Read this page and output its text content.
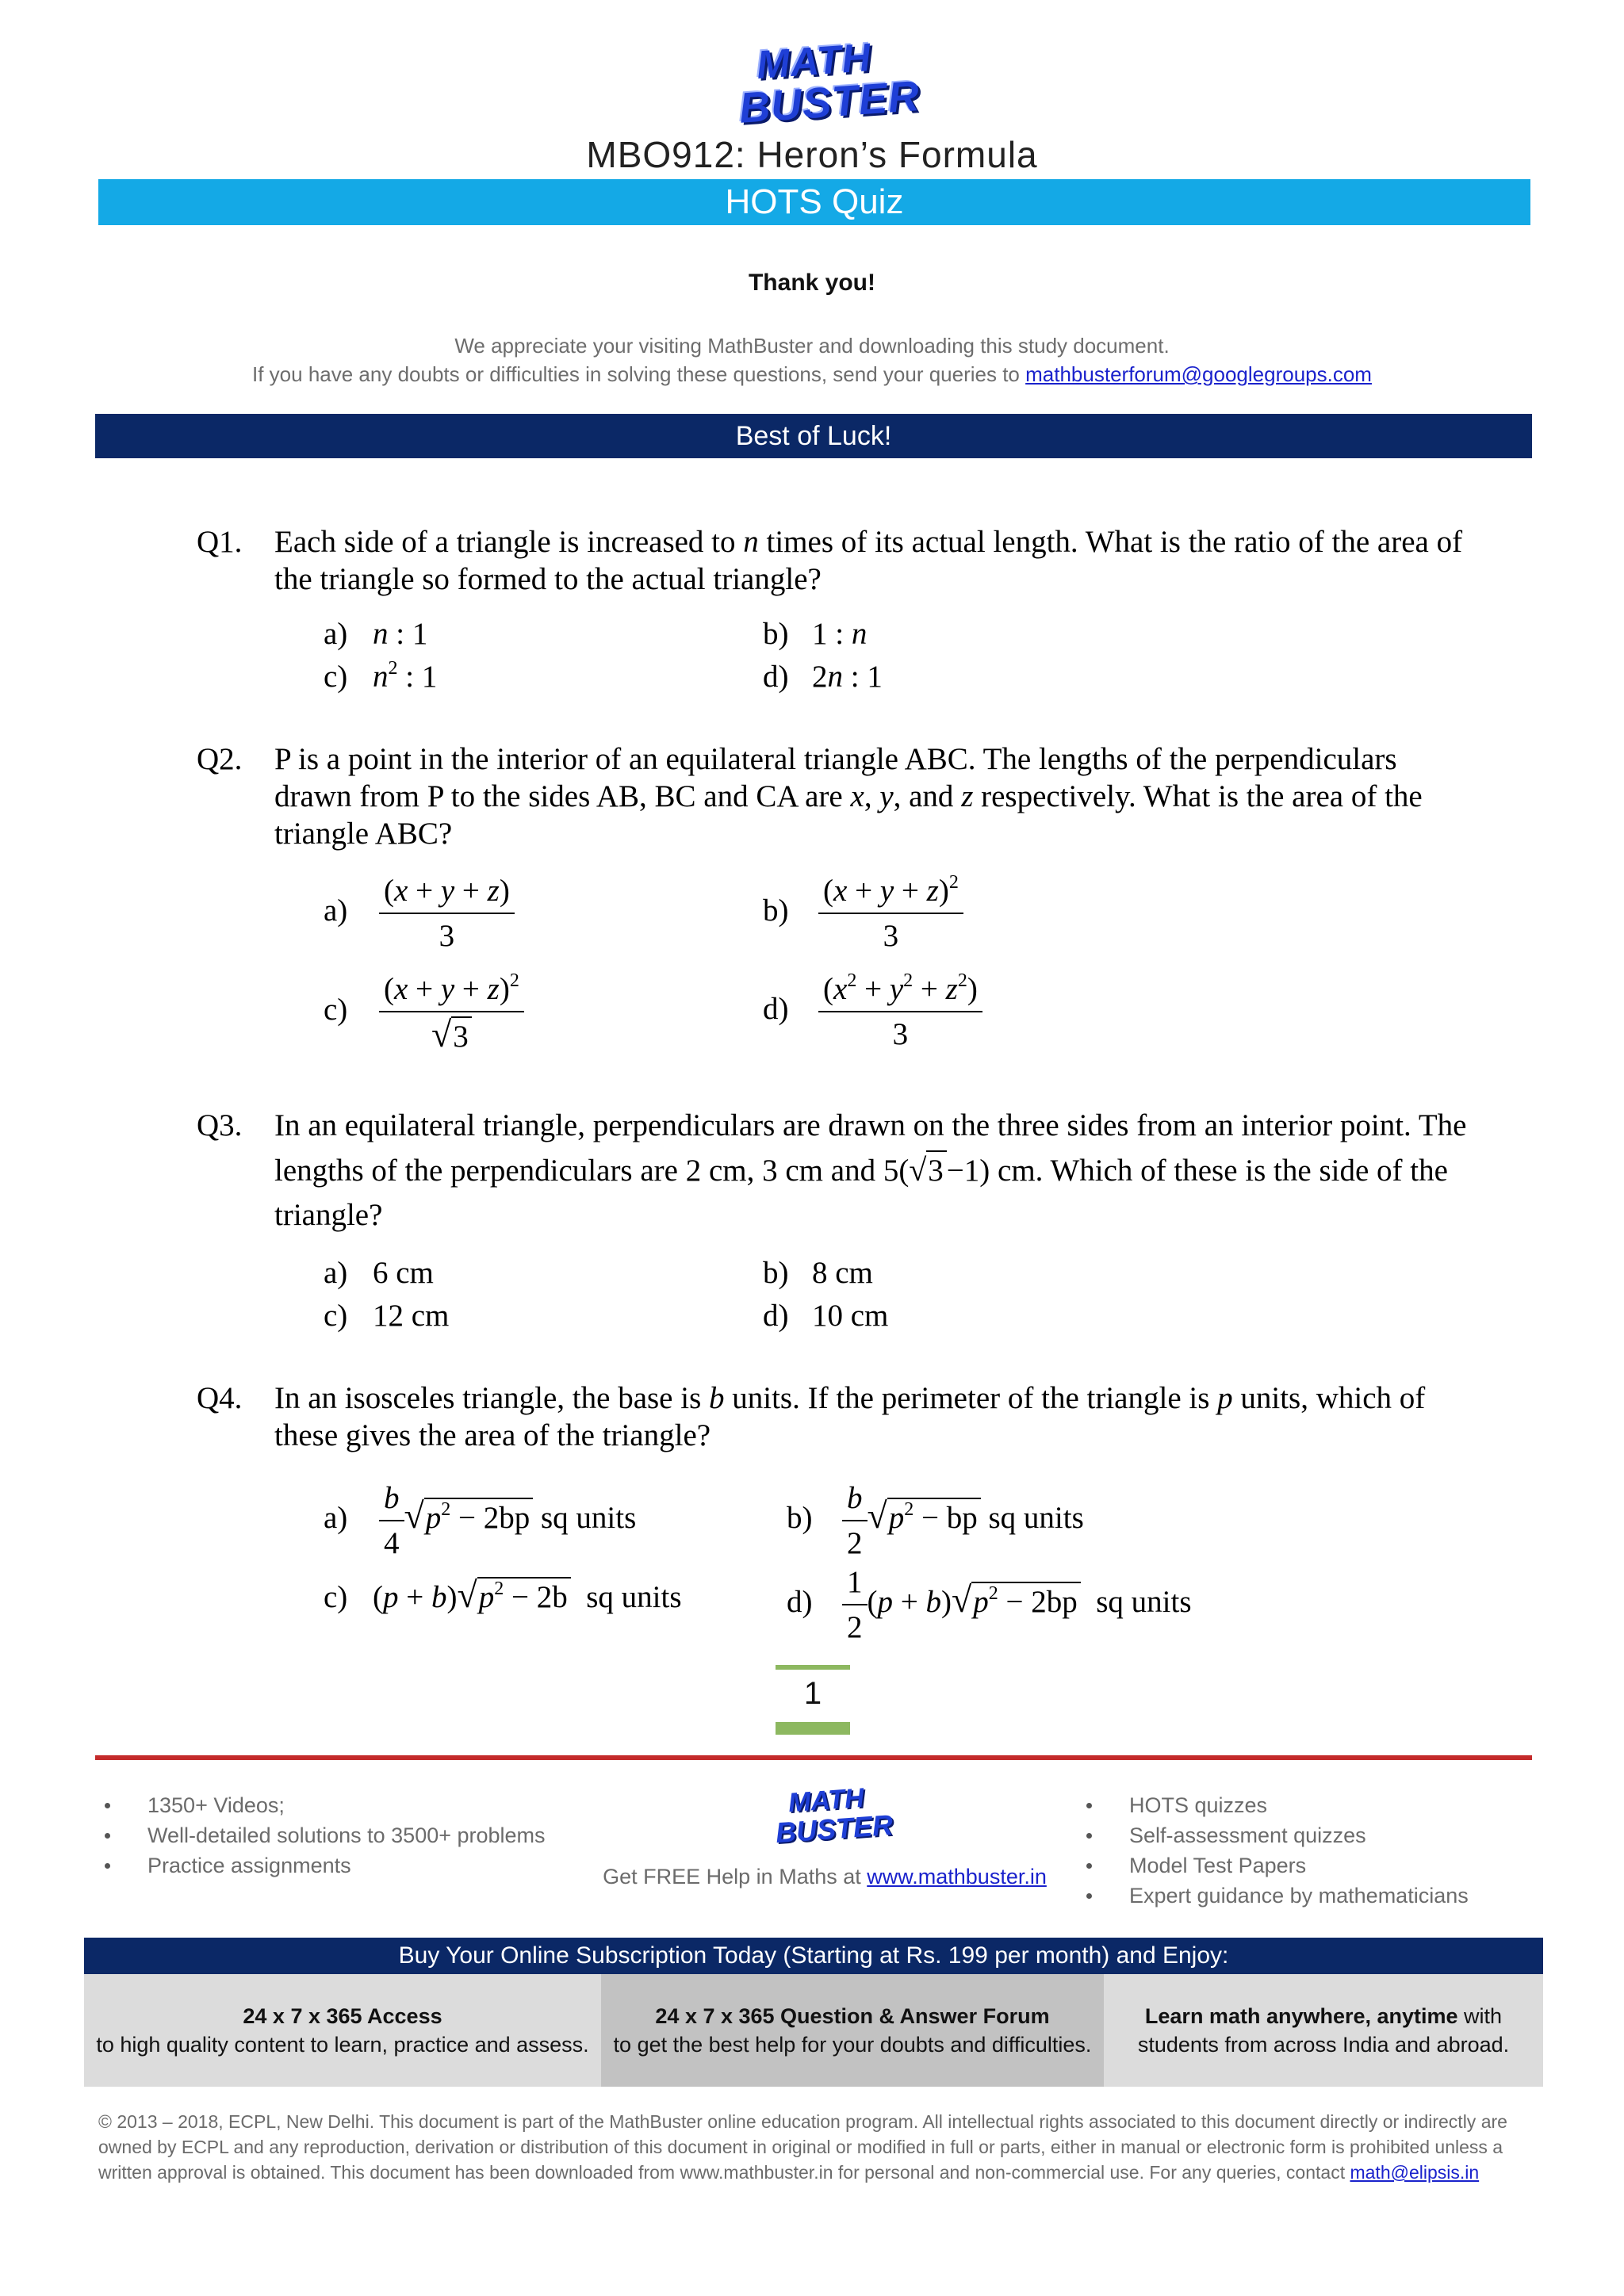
MATH
BUSTER
MBO912: Heron’s Formula
HOTS Quiz
Thank you!
We appreciate your visiting MathBuster and downloading this study document.
If you have any doubts or difficulties in solving these questions, send your queries to mathbusterforum@googlegroups.com
Best of Luck!
Q1. Each side of a triangle is increased to n times of its actual length. What is the ratio of the area of the triangle so formed to the actual triangle?
a) n : 1	b) 1 : n
c) $n^2$ : 1	d) 2n : 1
Q2. P is a point in the interior of an equilateral triangle ABC. The lengths of the perpendiculars drawn from P to the sides AB, BC and CA are x, y, and z respectively. What is the area of the triangle ABC?
$a) \frac{(x + y + z)}{3}$	$b) \frac{(x + y + z)^2}{3}$
$c) \frac{(x + y + z)^2}{√3}$	$d) \frac{(x^2 + y^2 + z^2)}{3}$
Q3. In an equilateral triangle, perpendiculars are drawn on the three sides from an interior point. The lengths of the perpendiculars are 2 cm, 3 cm and 5(√3 −1) cm. Which of these is the side of the triangle?
a) 6 cm	b) 8 cm
c) 12 cm	d) 10 cm
Q4. In an isosceles triangle, the base is b units. If the perimeter of the triangle is p units, which of these gives the area of the triangle?
$a) \frac{b}{4} √p^2 - 2bp$ sq units	$b) \frac{b}{2} √p^2$ − bp sq units
c) $(p + b)√p^2 - 2b$ sq units	$d) \frac{1}{2} (p + b)√p^2 - 2bp$ sq units
1
1350+ Videos;
Well-detailed solutions to 3500+ problems
Practice assignments
MATH
BUSTER
Get FREE Help in Maths at www.mathbuster.in
HOTS quizzes
Self-assessment quizzes
Model Test Papers
Expert guidance by mathematicians
Buy Your Online Subscription Today (Starting at Rs. 199 per month) and Enjoy:
24 x 7 x 365 Access
to high quality content to learn, practice and assess.
24 x 7 x 365 Question & Answer Forum
to get the best help for your doubts and difficulties.
Learn math anywhere, anytime with
students from across India and abroad.
© 2013 – 2018, ECPL, New Delhi. This document is part of the MathBuster online education program. All intellectual rights associated to this document directly or indirectly are owned by ECPL and any reproduction, derivation or distribution of this document in original or modified in full or parts, either in manual or electronic form is prohibited unless a written approval is obtained. This document has been downloaded from www.mathbuster.in for personal and non-commercial use. For any queries, contact math@elipsis.in
